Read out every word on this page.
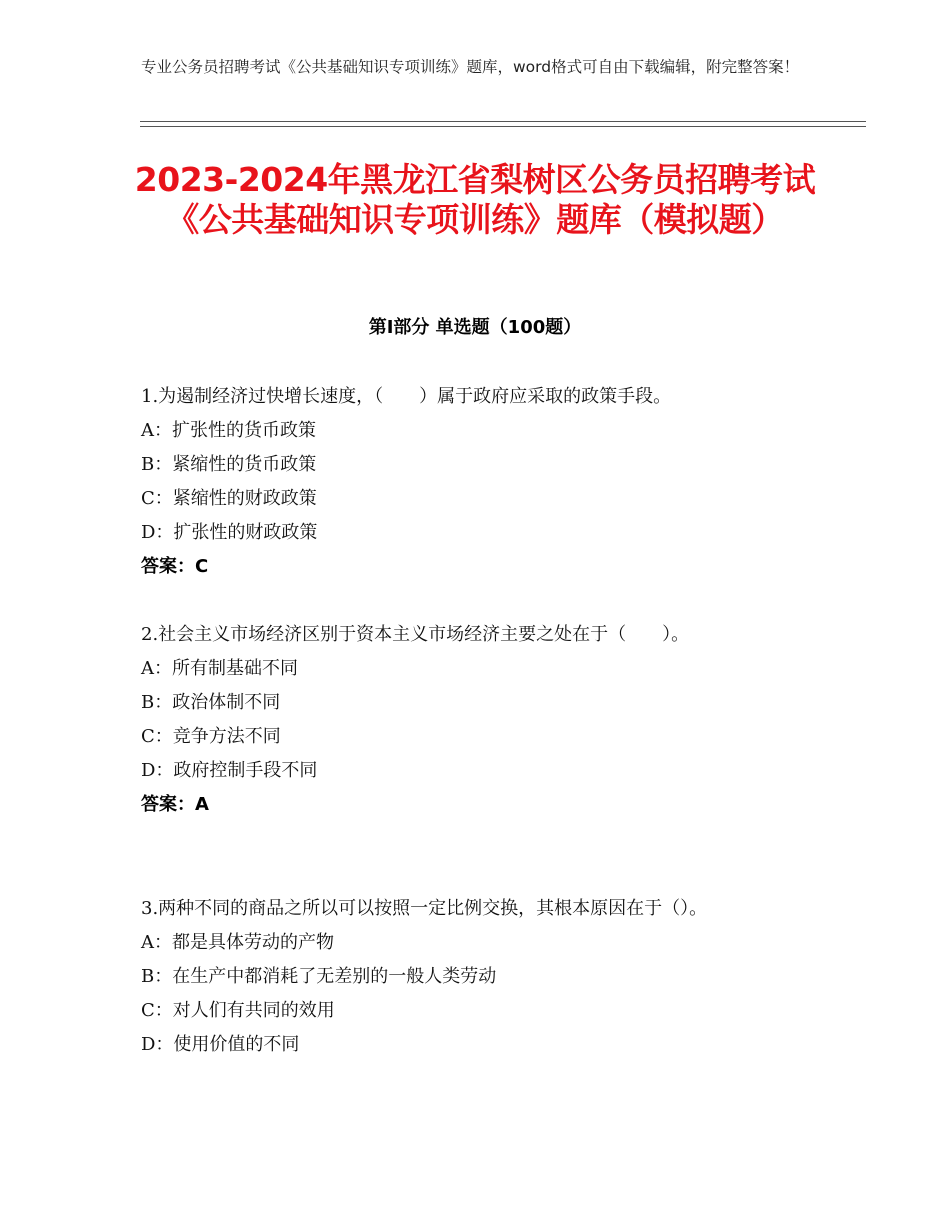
专业公务员招聘考试《公共基础知识专项训练》题库，word格式可自由下载编辑，附完整答案！
2023-2024年黑龙江省梨树区公务员招聘考试《公共基础知识专项训练》题库（模拟题）
第Ⅰ部分 单选题（100题）

1.为遏制经济过快增长速度，（　　）属于政府应采取的政策手段。

A：扩张性的货币政策

B：紧缩性的货币政策

C：紧缩性的财政政策

D：扩张性的财政政策

答案：C

2.社会主义市场经济区别于资本主义市场经济主要之处在于（　　）。

A：所有制基础不同

B：政治体制不同

C：竞争方法不同

D：政府控制手段不同

答案：A

3.两种不同的商品之所以可以按照一定比例交换，其根本原因在于（）。

A：都是具体劳动的产物

B：在生产中都消耗了无差别的一般人类劳动

C：对人们有共同的效用

D：使用价值的不同
